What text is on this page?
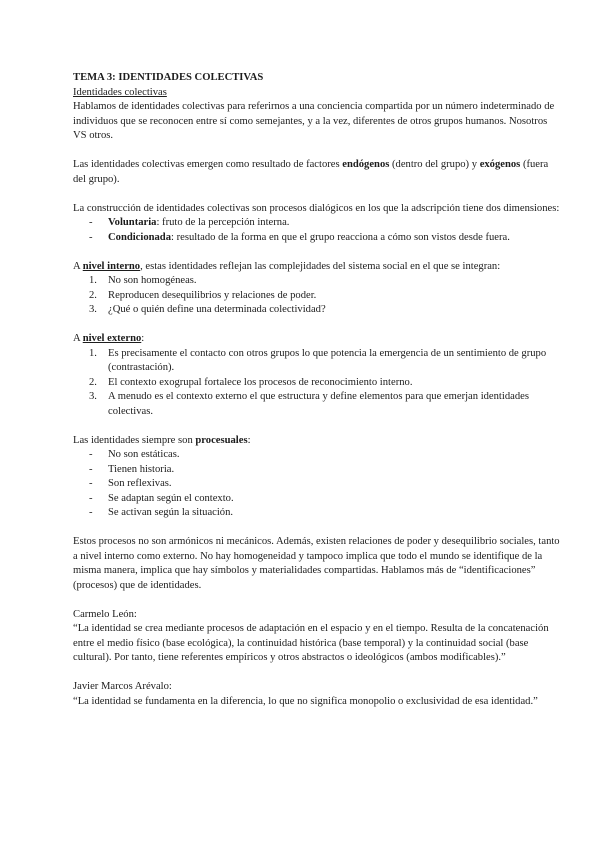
TEMA 3: IDENTIDADES COLECTIVAS

Identidades colectivas

Hablamos de identidades colectivas para referirnos a una conciencia compartida por un número indeterminado de individuos que se reconocen entre sí como semejantes, y a la vez, diferentes de otros grupos humanos. Nosotros VS otros.

Las identidades colectivas emergen como resultado de factores endógenos (dentro del grupo) y exógenos (fuera del grupo).

La construcción de identidades colectivas son procesos dialógicos en los que la adscripción tiene dos dimensiones:

- Voluntaria: fruto de la percepción interna.
- Condicionada: resultado de la forma en que el grupo reacciona a cómo son vistos desde fuera.

A nivel interno, estas identidades reflejan las complejidades del sistema social en el que se integran:

1. No son homogéneas.
2. Reproducen desequilibrios y relaciones de poder.
3. ¿Qué o quién define una determinada colectividad?

A nivel externo:

1. Es precisamente el contacto con otros grupos lo que potencia la emergencia de un sentimiento de grupo (contrastación).
2. El contexto exogrupal fortalece los procesos de reconocimiento interno.
3. A menudo es el contexto externo el que estructura y define elementos para que emerjan identidades colectivas.

Las identidades siempre son procesuales:

- No son estáticas.
- Tienen historia.
- Son reflexivas.
- Se adaptan según el contexto.
- Se activan según la situación.

Estos procesos no son armónicos ni mecánicos. Además, existen relaciones de poder y desequilibrio sociales, tanto a nivel interno como externo. No hay homogeneidad y tampoco implica que todo el mundo se identifique de la misma manera, implica que hay símbolos y materialidades compartidas. Hablamos más de “identificaciones” (procesos) que de identidades.

Carmelo León:

“La identidad se crea mediante procesos de adaptación en el espacio y en el tiempo. Resulta de la concatenación entre el medio físico (base ecológica), la continuidad histórica (base temporal) y la continuidad social (base cultural). Por tanto, tiene referentes empíricos y otros abstractos o ideológicos (ambos modificables).”

Javier Marcos Arévalo:

“La identidad se fundamenta en la diferencia, lo que no significa monopolio o exclusividad de esa identidad.”
